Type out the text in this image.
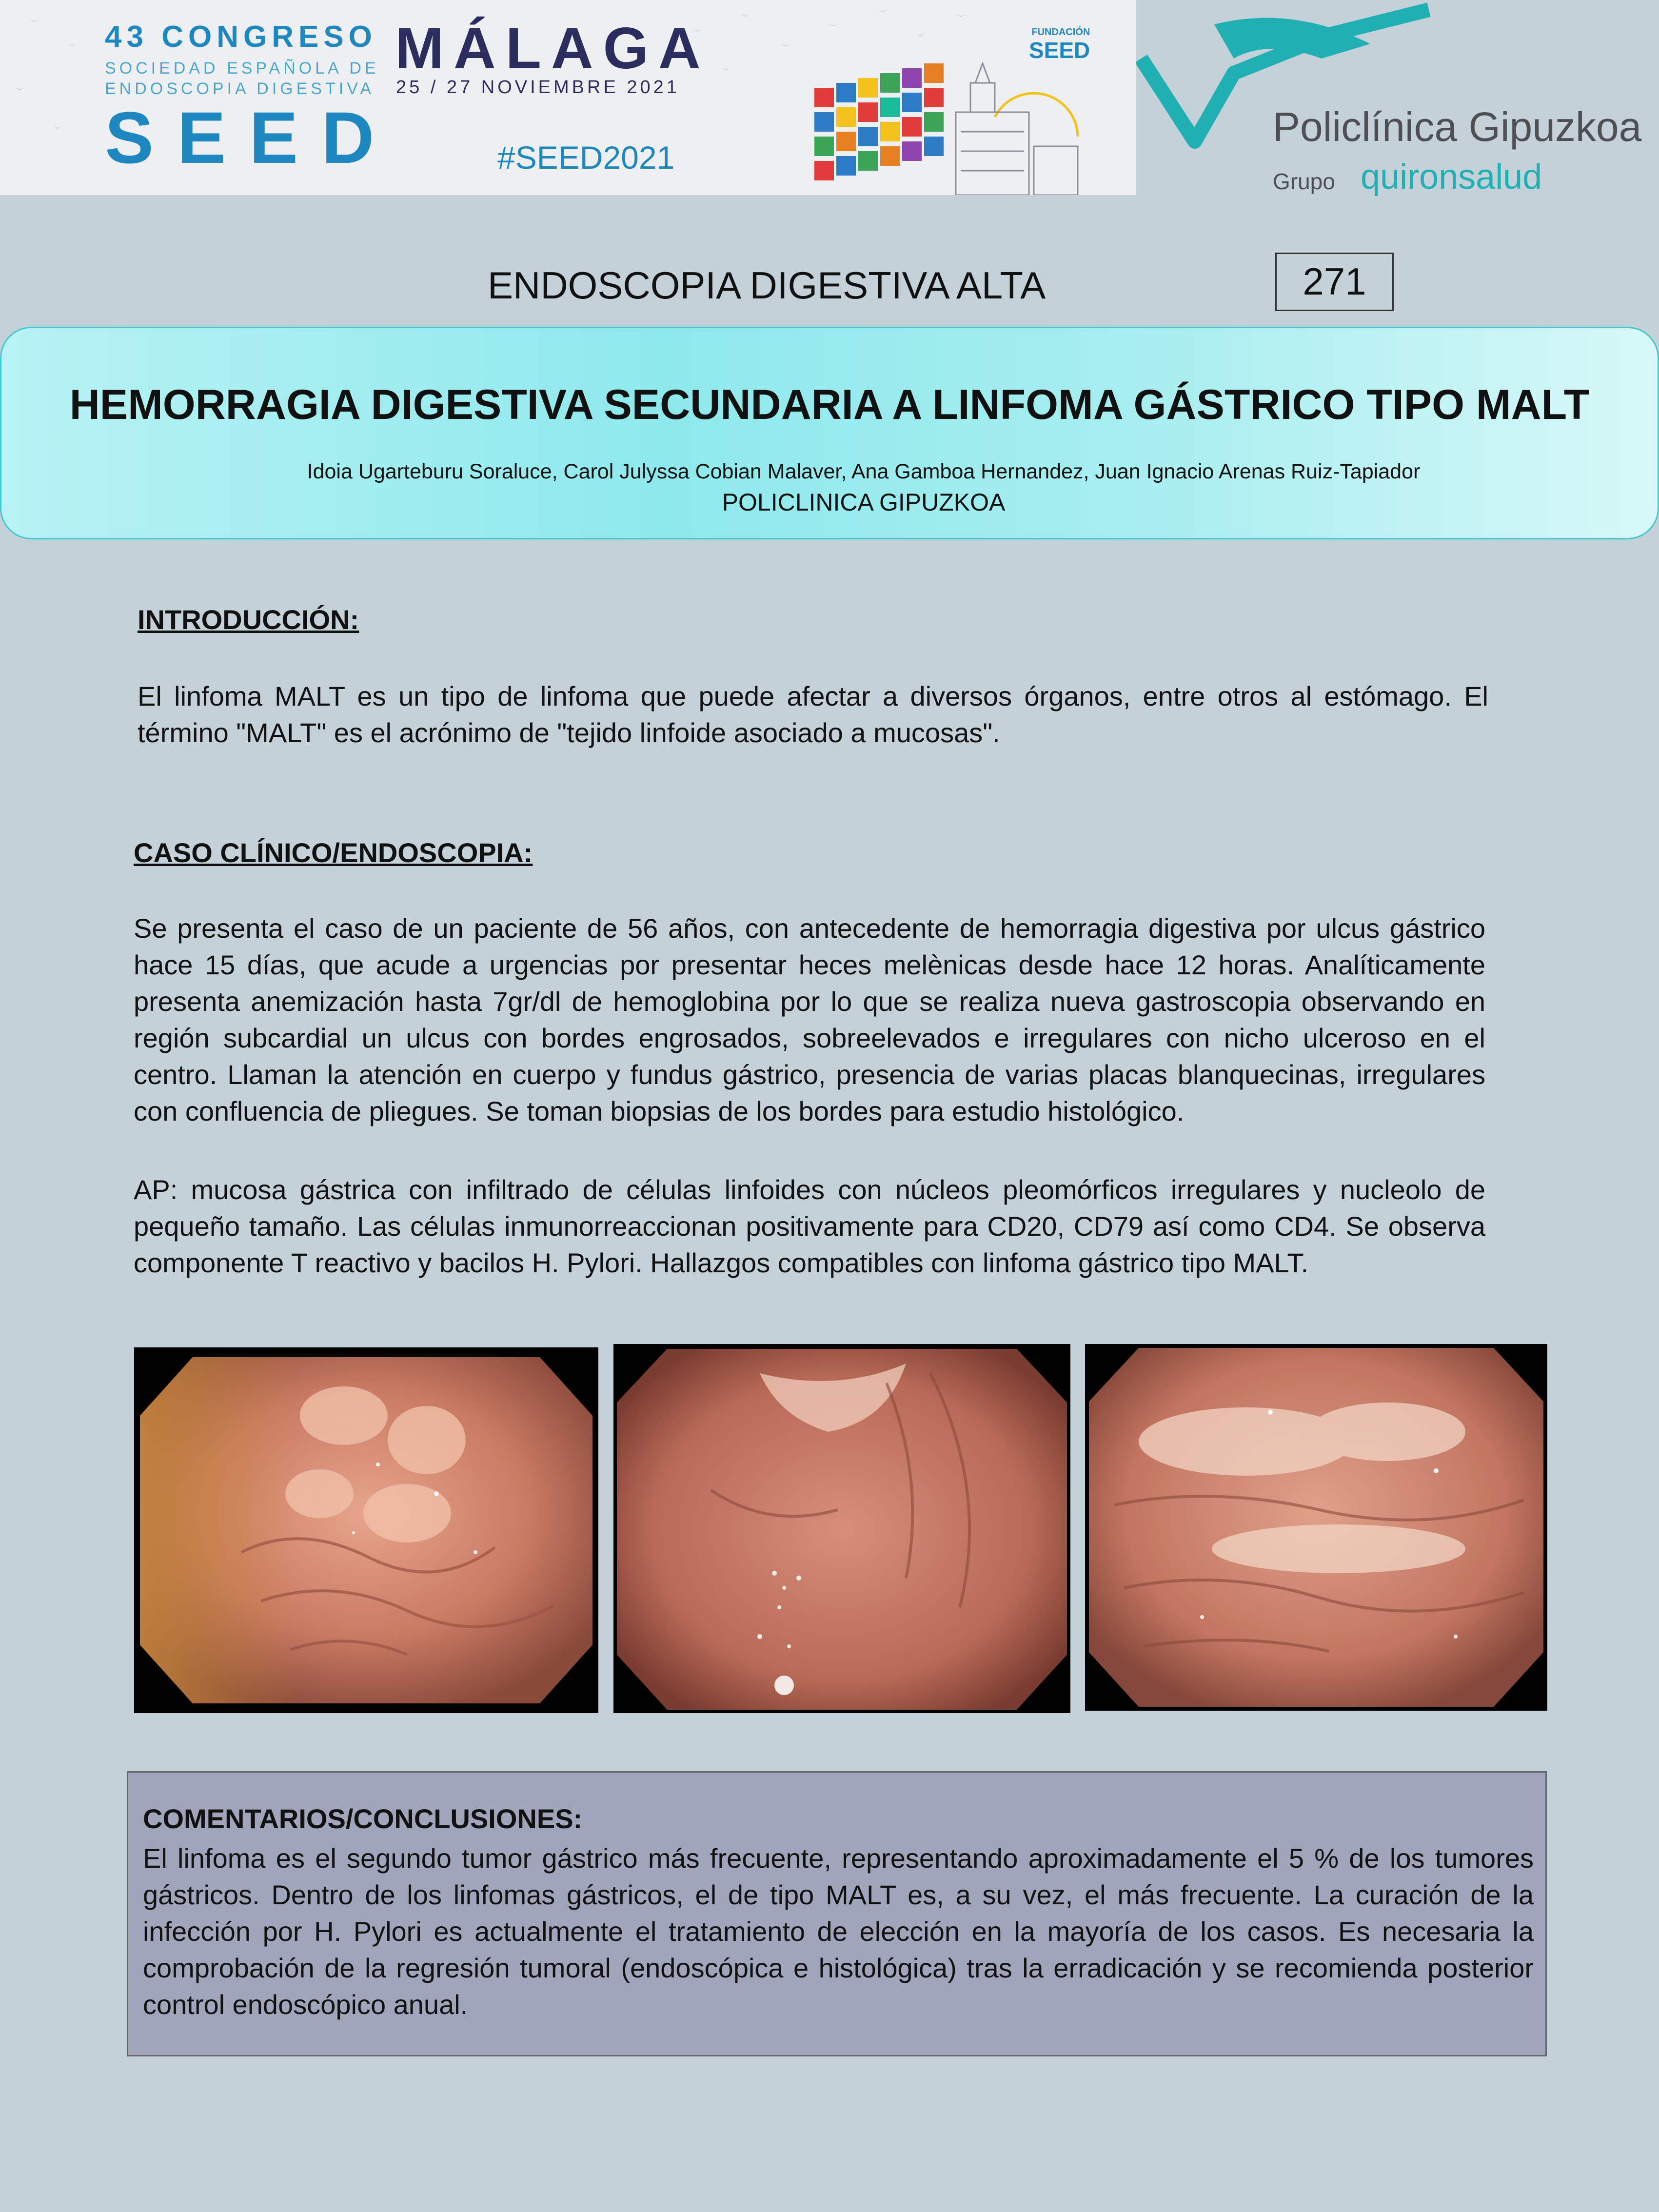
43 CONGRESO
SOCIEDAD ESPAÑOLA DE
ENDOSCOPIA DIGESTIVA
SEED
MÁLAGA
25 / 27 NOVIEMBRE 2021
#SEED2021
FUNDACIÓN
SEED
Policlínica Gipuzkoa
Grupo quironsalud
ENDOSCOPIA DIGESTIVA ALTA	271
HEMORRAGIA DIGESTIVA SECUNDARIA A LINFOMA GÁSTRICO TIPO MALT
Idoia Ugarteburu Soraluce, Carol Julyssa Cobian Malaver, Ana Gamboa Hernandez, Juan Ignacio Arenas Ruiz-Tapiador
POLICLINICA GIPUZKOA
INTRODUCCIÓN:
El linfoma MALT es un tipo de linfoma que puede afectar a diversos órganos, entre otros al estómago. El término "MALT" es el acrónimo de "tejido linfoide asociado a mucosas".
CASO CLÍNICO/ENDOSCOPIA:
Se presenta el caso de un paciente de 56 años, con antecedente de hemorragia digestiva por ulcus gástrico hace 15 días, que acude a urgencias por presentar heces melènicas desde hace 12 horas. Analíticamente presenta anemización hasta 7gr/dl de hemoglobina por lo que se realiza nueva gastroscopia observando en región subcardial un ulcus con bordes engrosados, sobreelevados e irregulares con nicho ulceroso en el centro. Llaman la atención en cuerpo y fundus gástrico, presencia de varias placas blanquecinas, irregulares con confluencia de pliegues. Se toman biopsias de los bordes para estudio histológico.
AP: mucosa gástrica con infiltrado de células linfoides con núcleos pleomórficos irregulares y nucleolo de pequeño tamaño. Las células inmunorreaccionan positivamente para CD20, CD79 así como CD4. Se observa componente T reactivo y bacilos H. Pylori. Hallazgos compatibles con linfoma gástrico tipo MALT.
COMENTARIOS/CONCLUSIONES:
El linfoma es el segundo tumor gástrico más frecuente, representando aproximadamente el 5 % de los tumores gástricos. Dentro de los linfomas gástricos, el de tipo MALT es, a su vez, el más frecuente. La curación de la infección por H. Pylori es actualmente el tratamiento de elección en la mayoría de los casos. Es necesaria la comprobación de la regresión tumoral (endoscópica e histológica) tras la erradicación y se recomienda posterior control endoscópico anual.
